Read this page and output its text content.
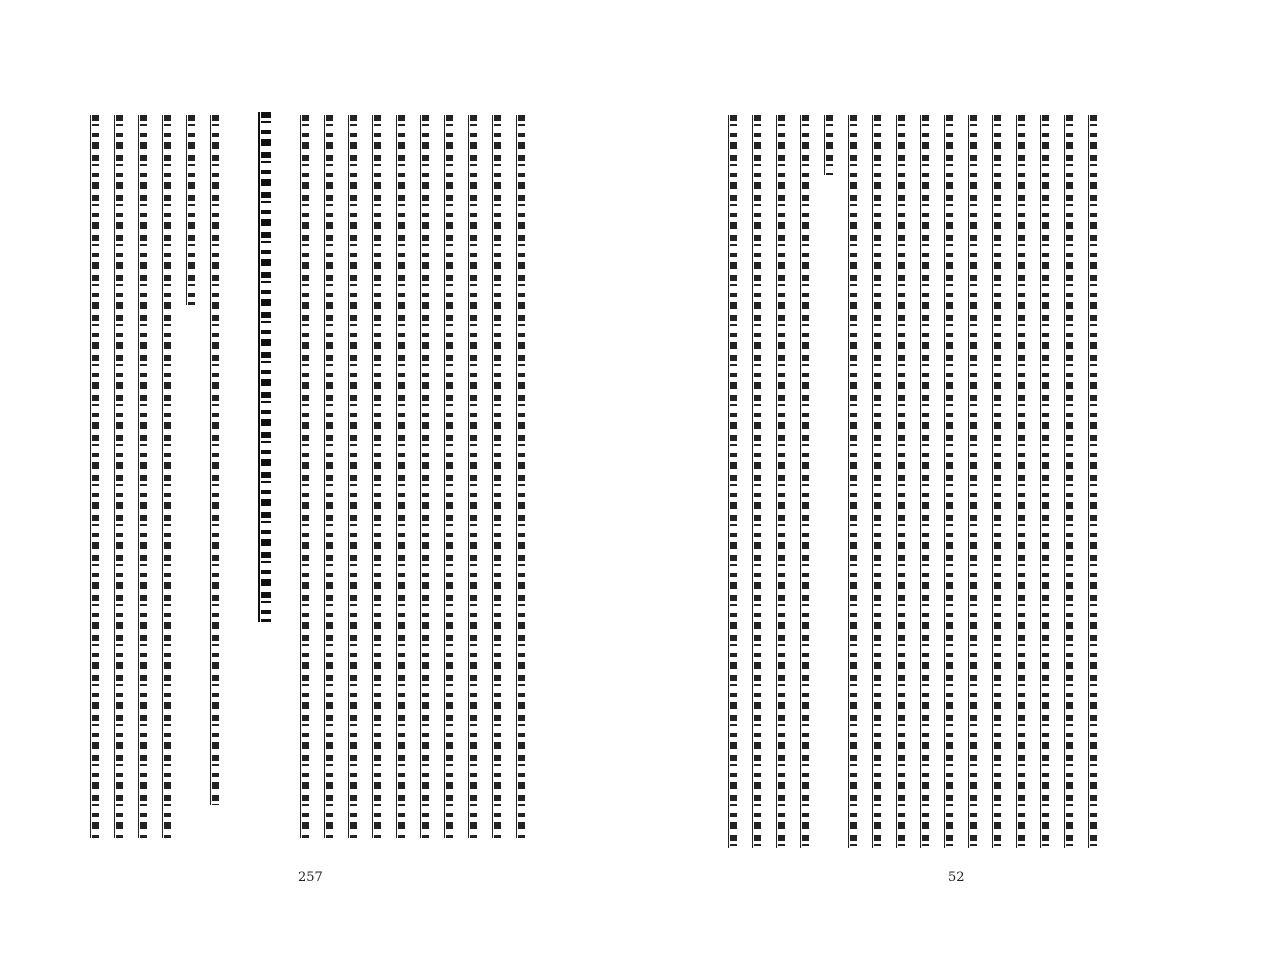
257	52
